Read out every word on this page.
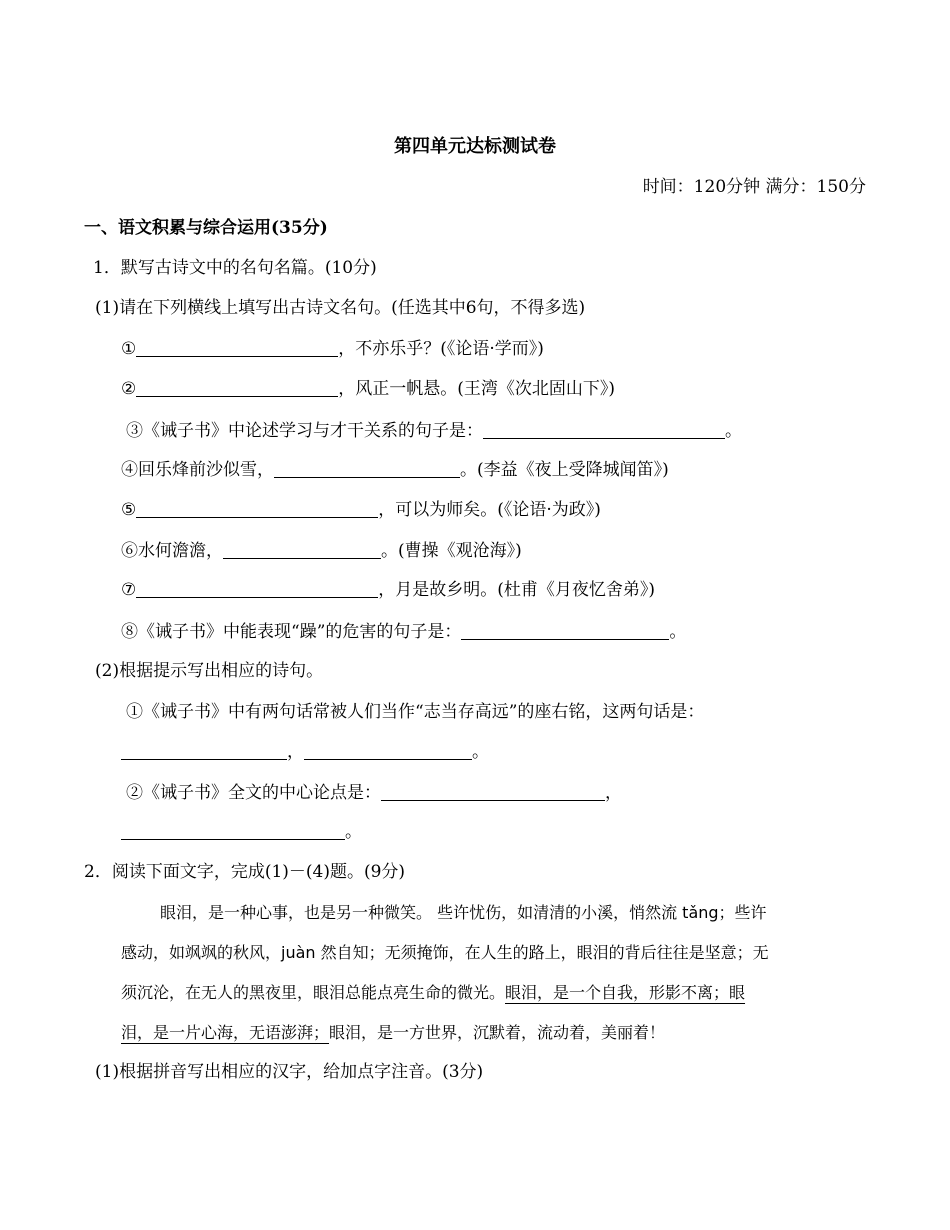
第四单元达标测试卷
时间：120分钟 满分：150分
一、语文积累与综合运用(35分)
1．默写古诗文中的名句名篇。(10分)
(1)请在下列横线上填写出古诗文名句。(任选其中6句，不得多选)
①	，不亦乐乎？(《论语·学而》)
②	，风正一帆悬。(王湾《次北固山下》)
③《诫子书》中论述学习与才干关系的句子是：	。
④回乐烽前沙似雪，	。(李益《夜上受降城闻笛》)
⑤	，可以为师矣。(《论语·为政》)
⑥水何澹澹，	。(曹操《观沧海》)
⑦	，月是故乡明。(杜甫《月夜忆舍弟》)
⑧《诫子书》中能表现“躁”的危害的句子是：	。
(2)根据提示写出相应的诗句。
①《诫子书》中有两句话常被人们当作“志当存高远”的座右铭，这两句话是：
，	。
②《诫子书》全文的中心论点是：	，
。
2．阅读下面文字，完成(1)－(4)题。(9分)
眼泪，是一种心事，也是另一种微笑。 些许忧伤，如清清的小溪，悄然流 tǎng；些许
感动，如飒飒的秋风，juàn 然自知；无须掩饰，在人生的路上，眼泪的背后往往是坚意；无
须沉沦，在无人的黑夜里，眼泪总能点亮生命的微光。眼泪，是一个自我，形影不离；眼
泪，是一片心海，无语澎湃；眼泪，是一方世界，沉默着，流动着，美丽着！
(1)根据拼音写出相应的汉字，给加点字注音。(3分)
